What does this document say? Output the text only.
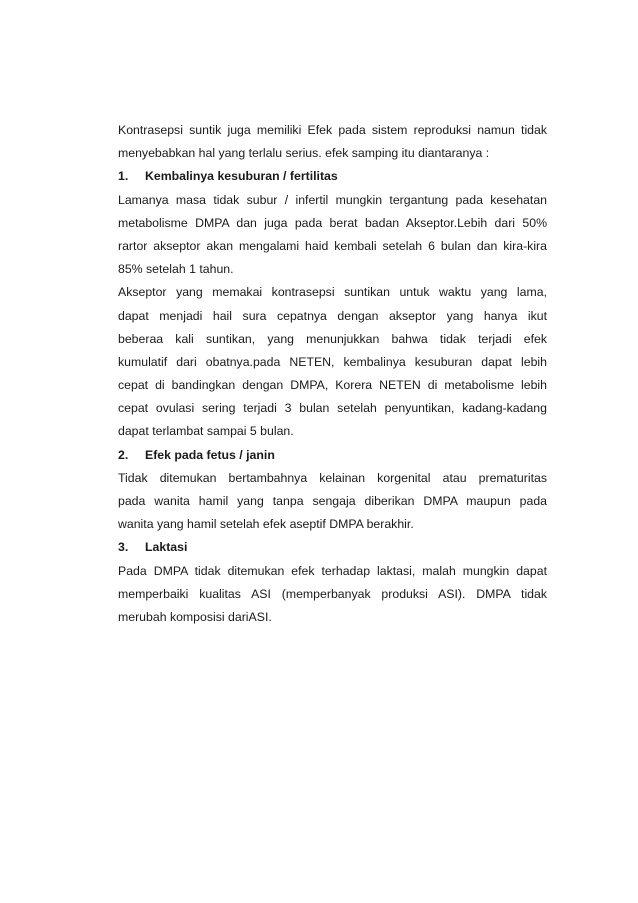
Kontrasepsi suntik juga memiliki Efek pada sistem reproduksi namun tidak
menyebabkan hal yang terlalu serius. efek samping itu diantaranya :
1. Kembalinya kesuburan / fertilitas
Lamanya masa tidak subur / infertil mungkin tergantung pada kesehatan
metabolisme DMPA dan juga pada berat badan Akseptor.Lebih dari 50%
rartor akseptor akan mengalami haid kembali setelah 6 bulan dan kira-kira
85% setelah 1 tahun.
Akseptor yang memakai kontrasepsi suntikan untuk waktu yang lama,
dapat menjadi hail sura cepatnya dengan akseptor yang hanya ikut
beberaa kali suntikan, yang menunjukkan bahwa tidak terjadi efek
kumulatif dari obatnya.pada NETEN, kembalinya kesuburan dapat lebih
cepat di bandingkan dengan DMPA, Korera NETEN di metabolisme lebih
cepat ovulasi sering terjadi 3 bulan setelah penyuntikan, kadang-kadang
dapat terlambat sampai 5 bulan.
2. Efek pada fetus / janin
Tidak ditemukan bertambahnya kelainan korgenital atau prematuritas
pada wanita hamil yang tanpa sengaja diberikan DMPA maupun pada
wanita yang hamil setelah efek aseptif DMPA berakhir.
3. Laktasi
Pada DMPA tidak ditemukan efek terhadap laktasi, malah mungkin dapat
memperbaiki kualitas ASI (memperbanyak produksi ASI). DMPA tidak
merubah komposisi dariASI.
